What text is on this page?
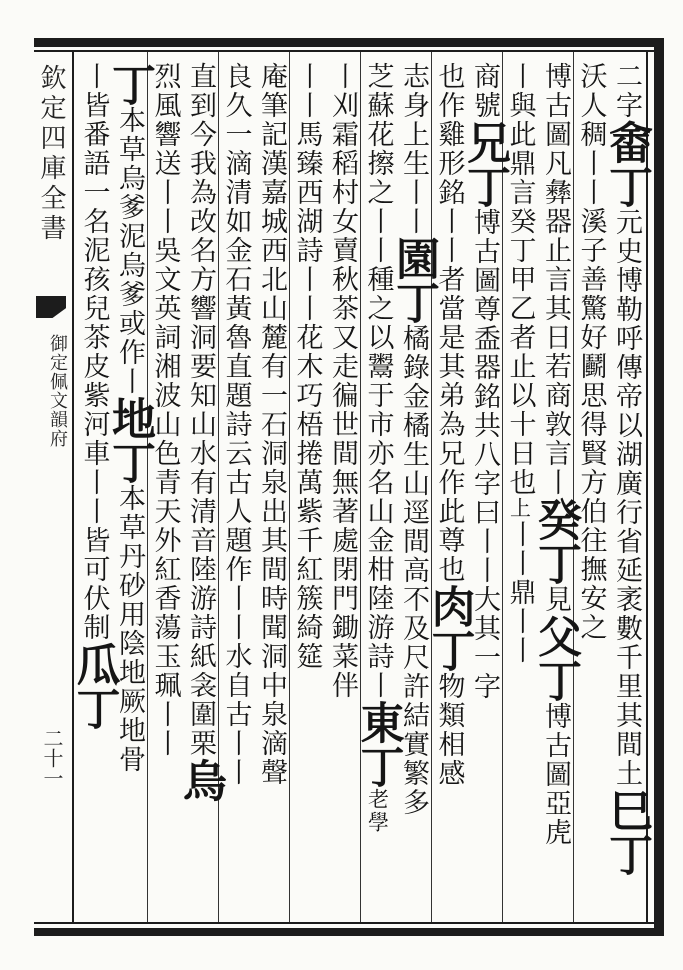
欽定四庫全書
御定佩文韻府
二十一
二字畬丁元史博勒呼傳帝以湖廣行省延袤數千里其間土巳丁
沃人稠丨丨溪子善驚好鬬思得賢方伯往撫安之
博古圖凡彝器止言其日若商敦言丨癸丁見父丁博古圖亞虎
丨與此鼎言癸丁甲乙者止以十日也上丨丨鼎丨丨
商號兄丁博古圖尊盉器銘共八字曰丨丨大其一字
也作雞形銘丨丨者當是其弟為兄作此尊也肉丁物類相感
志身上生丨丨園丁橘錄金橘生山逕間高不及尺許結實繁多
芝蘇花擦之丨丨種之以鬻于市亦名山金柑陸游詩丨東丁老學
丨刈霜稻村女賣秋茶又走徧世間無著處閉門鋤菜伴
丨丨馬臻西湖詩丨丨花木巧梧捲萬紫千紅簇綺筵
庵筆記漢嘉城西北山麓有一石洞泉出其間時聞洞中泉滴聲
良久一滴清如金石黃魯直題詩云古人題作丨丨水自古丨丨
直到今我為改名方響洞要知山水有清音陸游詩紙衾圍栗烏
烈風響送丨丨吳文英詞湘波山色青天外紅香蕩玉珮丨丨
丁本草烏爹泥烏爹或作丨地丁本草丹砂用陰地厥地骨
丨皆番語一名泥孩兒茶皮紫河車丨丨皆可伏制瓜丁
